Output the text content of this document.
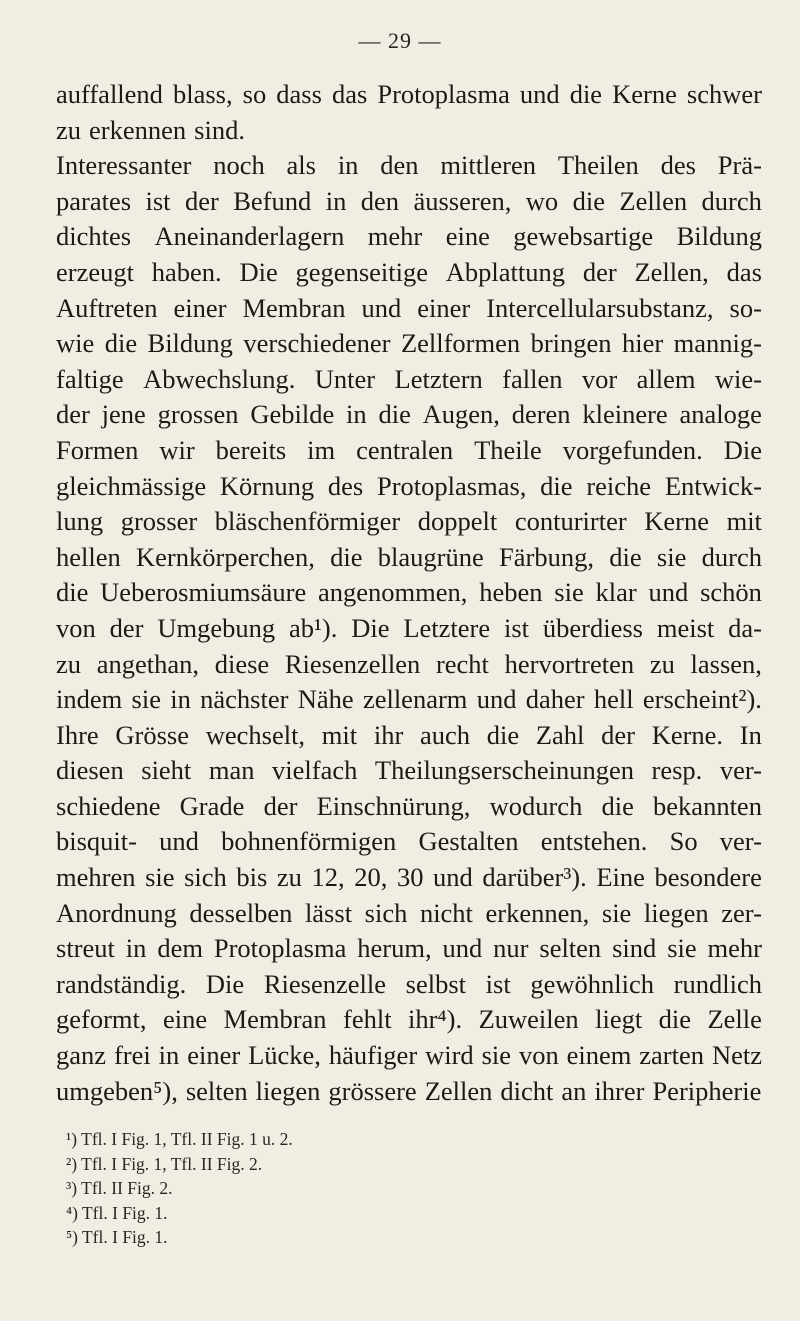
— 29 —
auffallend blass, so dass das Protoplasma und die Kerne schwer
zu erkennen sind.
Interessanter noch als in den mittleren Theilen des Prä-
parates ist der Befund in den äusseren, wo die Zellen durch
dichtes Aneinanderlagern mehr eine gewebsartige Bildung
erzeugt haben. Die gegenseitige Abplattung der Zellen, das
Auftreten einer Membran und einer Intercellularsubstanz, so-
wie die Bildung verschiedener Zellformen bringen hier mannig-
faltige Abwechslung. Unter Letztern fallen vor allem wie-
der jene grossen Gebilde in die Augen, deren kleinere analoge
Formen wir bereits im centralen Theile vorgefunden. Die
gleichmässige Körnung des Protoplasmas, die reiche Entwick-
lung grosser bläschenförmiger doppelt conturirter Kerne mit
hellen Kernkörperchen, die blaugrüne Färbung, die sie durch
die Ueberosmiumsäure angenommen, heben sie klar und schön
von der Umgebung ab¹). Die Letztere ist überdiess meist da-
zu angethan, diese Riesenzellen recht hervortreten zu lassen,
indem sie in nächster Nähe zellenarm und daher hell erscheint²).
Ihre Grösse wechselt, mit ihr auch die Zahl der Kerne. In
diesen sieht man vielfach Theilungserscheinungen resp. ver-
schiedene Grade der Einschnürung, wodurch die bekannten
bisquit- und bohnenförmigen Gestalten entstehen. So ver-
mehren sie sich bis zu 12, 20, 30 und darüber³). Eine besondere
Anordnung desselben lässt sich nicht erkennen, sie liegen zer-
streut in dem Protoplasma herum, und nur selten sind sie mehr
randständig. Die Riesenzelle selbst ist gewöhnlich rundlich
geformt, eine Membran fehlt ihr⁴). Zuweilen liegt die Zelle
ganz frei in einer Lücke, häufiger wird sie von einem zarten Netz
umgeben⁵), selten liegen grössere Zellen dicht an ihrer Peripherie
¹) Tfl. I Fig. 1, Tfl. II Fig. 1 u. 2.
²) Tfl. I Fig. 1, Tfl. II Fig. 2.
³) Tfl. II Fig. 2.
⁴) Tfl. I Fig. 1.
⁵) Tfl. I Fig. 1.
